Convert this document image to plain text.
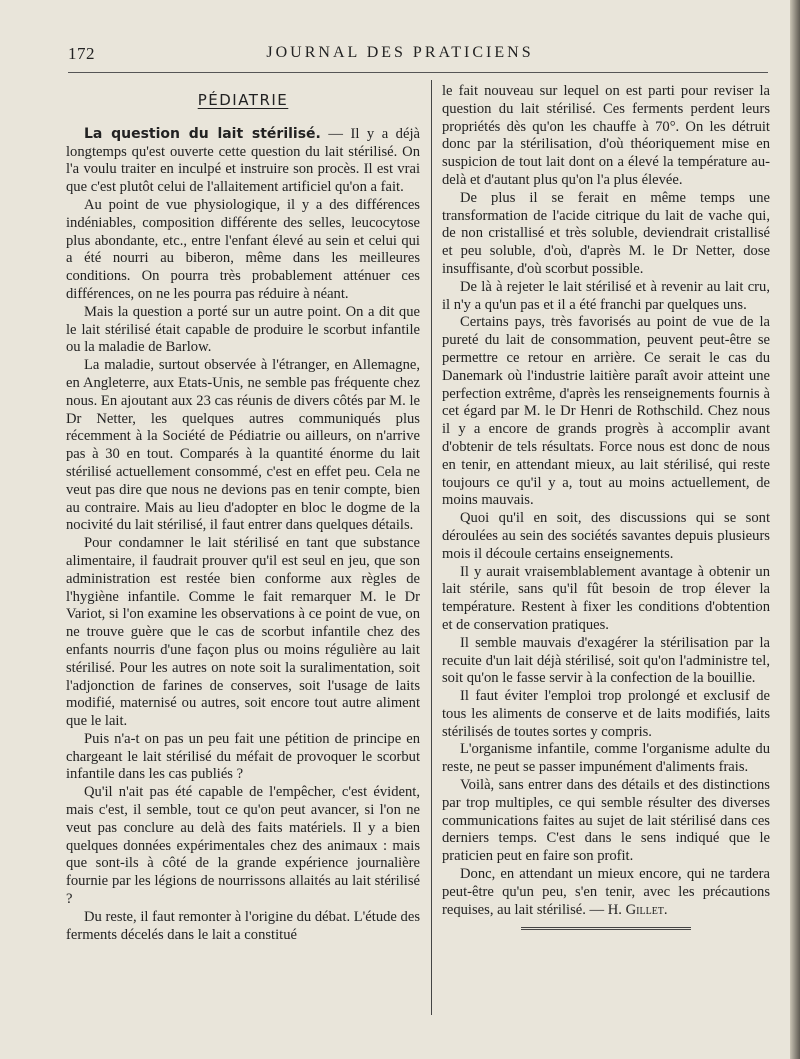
172	JOURNAL DES PRATICIENS
PÉDIATRIE

La question du lait stérilisé. — Il y a déjà longtemps qu'est ouverte cette question du lait stérilisé. On l'a voulu traiter en inculpé et instruire son procès. Il est vrai que c'est plutôt celui de l'allaitement artificiel qu'on a fait.

Au point de vue physiologique, il y a des différences indéniables, composition différente des selles, leucocytose plus abondante, etc., entre l'enfant élevé au sein et celui qui a été nourri au biberon, même dans les meilleures conditions. On pourra très probablement atténuer ces différences, on ne les pourra pas réduire à néant.

Mais la question a porté sur un autre point. On a dit que le lait stérilisé était capable de produire le scorbut infantile ou la maladie de Barlow.

La maladie, surtout observée à l'étranger, en Allemagne, en Angleterre, aux Etats-Unis, ne semble pas fréquente chez nous. En ajoutant aux 23 cas réunis de divers côtés par M. le Dr Netter, les quelques autres communiqués plus récemment à la Société de Pédiatrie ou ailleurs, on n'arrive pas à 30 en tout. Comparés à la quantité énorme du lait stérilisé actuellement consommé, c'est en effet peu. Cela ne veut pas dire que nous ne devions pas en tenir compte, bien au contraire. Mais au lieu d'adopter en bloc le dogme de la nocivité du lait stérilisé, il faut entrer dans quelques détails.

Pour condamner le lait stérilisé en tant que substance alimentaire, il faudrait prouver qu'il est seul en jeu, que son administration est restée bien conforme aux règles de l'hygiène infantile. Comme le fait remarquer M. le Dr Variot, si l'on examine les observations à ce point de vue, on ne trouve guère que le cas de scorbut infantile chez des enfants nourris d'une façon plus ou moins régulière au lait stérilisé. Pour les autres on note soit la suralimentation, soit l'adjonction de farines de conserves, soit l'usage de laits modifié, maternisé ou autres, soit encore tout autre aliment que le lait.

Puis n'a-t on pas un peu fait une pétition de principe en chargeant le lait stérilisé du méfait de provoquer le scorbut infantile dans les cas publiés ?

Qu'il n'ait pas été capable de l'empêcher, c'est évident, mais c'est, il semble, tout ce qu'on peut avancer, si l'on ne veut pas conclure au delà des faits matériels. Il y a bien quelques données expérimentales chez des animaux : mais que sont-ils à côté de la grande expérience journalière fournie par les légions de nourrissons allaités au lait stérilisé ?

Du reste, il faut remonter à l'origine du débat. L'étude des ferments décelés dans le lait a constitué

le fait nouveau sur lequel on est parti pour reviser la question du lait stérilisé. Ces ferments perdent leurs propriétés dès qu'on les chauffe à 70°. On les détruit donc par la stérilisation, d'où théoriquement mise en suspicion de tout lait dont on a élevé la température au-delà et d'autant plus qu'on l'a plus élevée.

De plus il se ferait en même temps une transformation de l'acide citrique du lait de vache qui, de non cristallisé et très soluble, deviendrait cristallisé et peu soluble, d'où, d'après M. le Dr Netter, dose insuffisante, d'où scorbut possible.

De là à rejeter le lait stérilisé et à revenir au lait cru, il n'y a qu'un pas et il a été franchi par quelques uns.

Certains pays, très favorisés au point de vue de la pureté du lait de consommation, peuvent peut-être se permettre ce retour en arrière. Ce serait le cas du Danemark où l'industrie laitière paraît avoir atteint une perfection extrême, d'après les renseignements fournis à cet égard par M. le Dr Henri de Rothschild. Chez nous il y a encore de grands progrès à accomplir avant d'obtenir de tels résultats. Force nous est donc de nous en tenir, en attendant mieux, au lait stérilisé, qui reste toujours ce qu'il y a, tout au moins actuellement, de moins mauvais.

Quoi qu'il en soit, des discussions qui se sont déroulées au sein des sociétés savantes depuis plusieurs mois il découle certains enseignements.

Il y aurait vraisemblablement avantage à obtenir un lait stérile, sans qu'il fût besoin de trop élever la température. Restent à fixer les conditions d'obtention et de conservation pratiques.

Il semble mauvais d'exagérer la stérilisation par la recuite d'un lait déjà stérilisé, soit qu'on l'administre tel, soit qu'on le fasse servir à la confection de la bouillie.

Il faut éviter l'emploi trop prolongé et exclusif de tous les aliments de conserve et de laits modifiés, laits stérilisés de toutes sortes y compris.

L'organisme infantile, comme l'organisme adulte du reste, ne peut se passer impunément d'aliments frais.

Voilà, sans entrer dans des détails et des distinctions par trop multiples, ce qui semble résulter des diverses communications faites au sujet de lait stérilisé dans ces derniers temps. C'est dans le sens indiqué que le praticien peut en faire son profit.

Donc, en attendant un mieux encore, qui ne tardera peut-être qu'un peu, s'en tenir, avec les précautions requises, au lait stérilisé. — H. Gillet.
